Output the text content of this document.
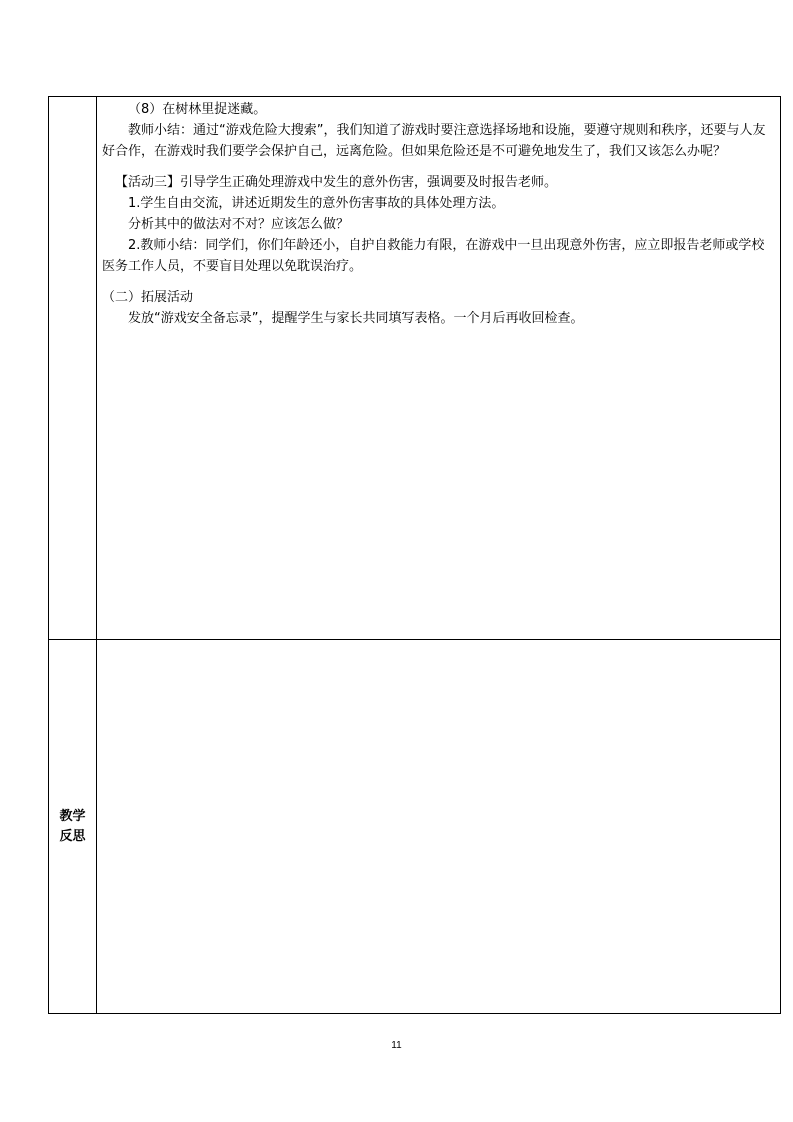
（8）在树林里捉迷藏。

教师小结：通过“游戏危险大搜索”，我们知道了游戏时要注意选择场地和设施，要遵守规则和秩序，还要与人友好合作，在游戏时我们要学会保护自己，远离危险。但如果危险还是不可避免地发生了，我们又该怎么办呢？

【活动三】引导学生正确处理游戏中发生的意外伤害，强调要及时报告老师。

1.学生自由交流，讲述近期发生的意外伤害事故的具体处理方法。

分析其中的做法对不对？应该怎么做？

2.教师小结：同学们，你们年龄还小，自护自救能力有限，在游戏中一旦出现意外伤害，应立即报告老师或学校医务工作人员，不要盲目处理以免耽误治疗。

（二）拓展活动

发放“游戏安全备忘录”，提醒学生与家长共同填写表格。一个月后再收回检查。

教学
反思
11
